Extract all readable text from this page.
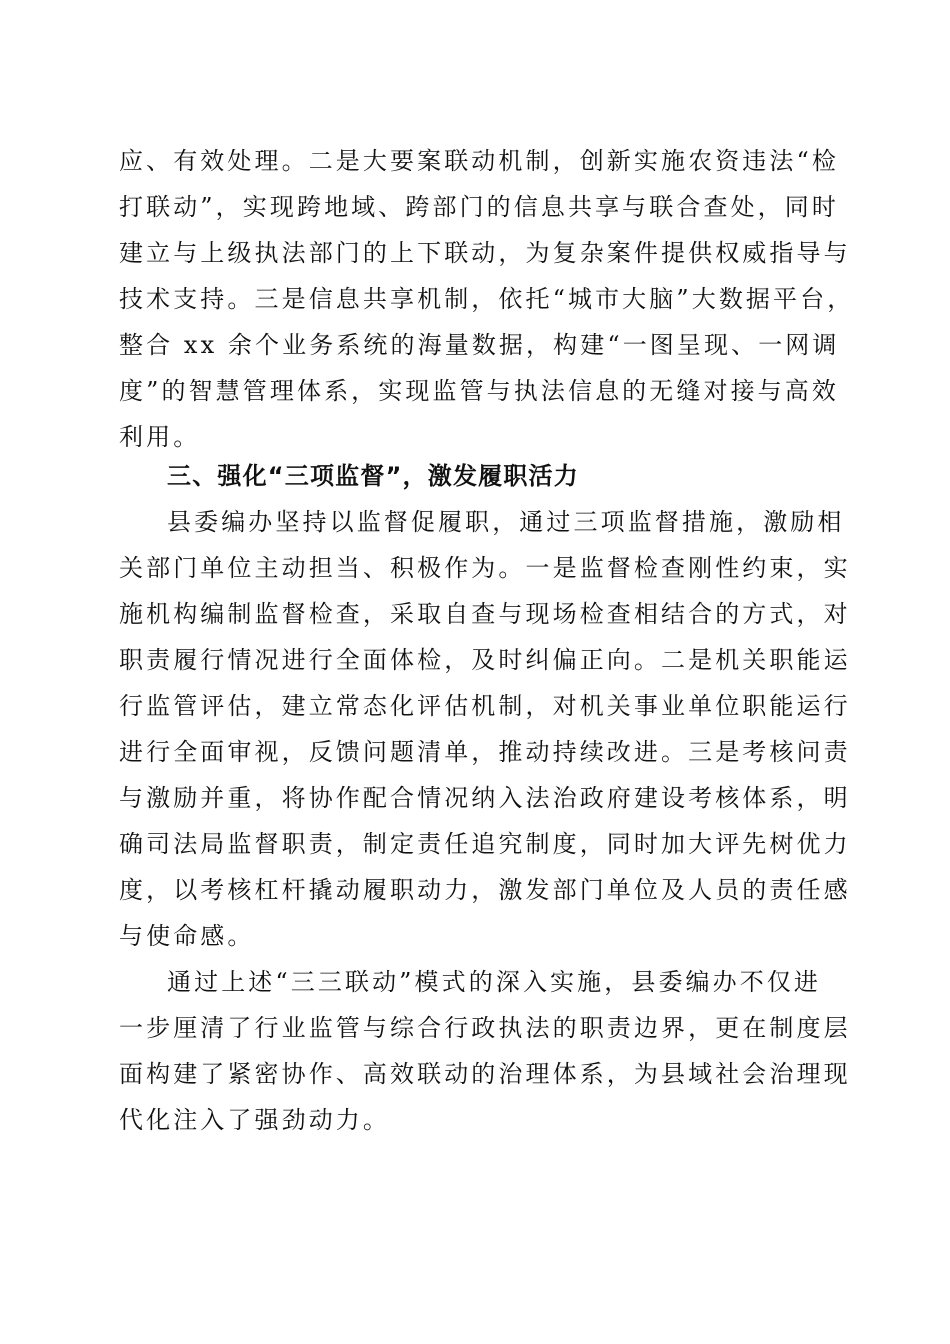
应、有效处理。二是大要案联动机制，创新实施农资违法“检
打联动”，实现跨地域、跨部门的信息共享与联合查处，同时
建立与上级执法部门的上下联动，为复杂案件提供权威指导与
技术支持。三是信息共享机制，依托“城市大脑”大数据平台，
整合 xx 余个业务系统的海量数据，构建“一图呈现、一网调
度”的智慧管理体系，实现监管与执法信息的无缝对接与高效
利用。
三、强化“三项监督”，激发履职活力
县委编办坚持以监督促履职，通过三项监督措施，激励相
关部门单位主动担当、积极作为。一是监督检查刚性约束，实
施机构编制监督检查，采取自查与现场检查相结合的方式，对
职责履行情况进行全面体检，及时纠偏正向。二是机关职能运
行监管评估，建立常态化评估机制，对机关事业单位职能运行
进行全面审视，反馈问题清单，推动持续改进。三是考核问责
与激励并重，将协作配合情况纳入法治政府建设考核体系，明
确司法局监督职责，制定责任追究制度，同时加大评先树优力
度，以考核杠杆撬动履职动力，激发部门单位及人员的责任感
与使命感。
通过上述“三三联动”模式的深入实施，县委编办不仅进
一步厘清了行业监管与综合行政执法的职责边界，更在制度层
面构建了紧密协作、高效联动的治理体系，为县域社会治理现
代化注入了强劲动力。
